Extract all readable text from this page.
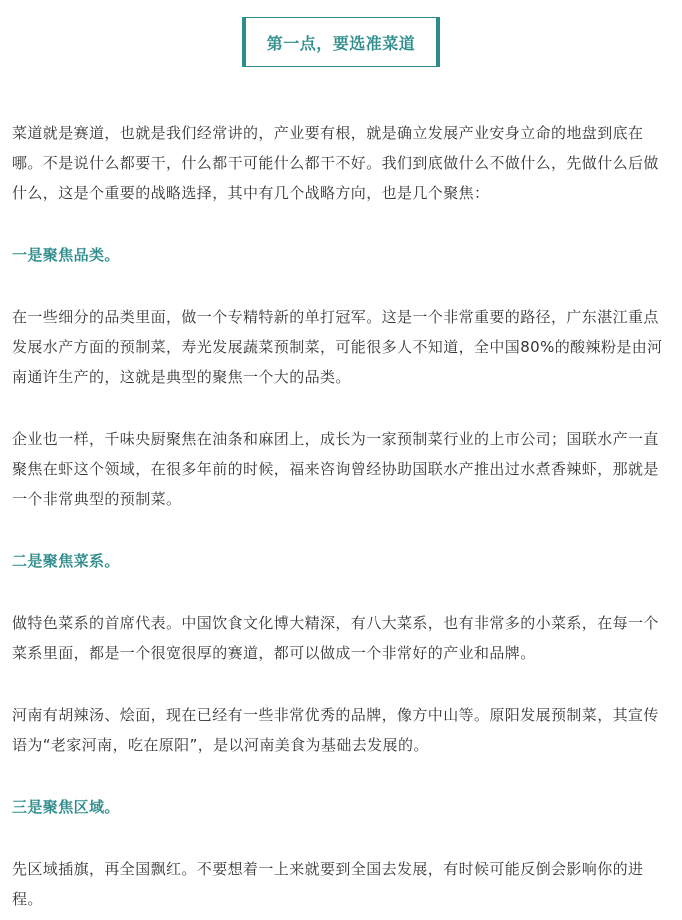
第一点，要选准菜道

菜道就是赛道，也就是我们经常讲的，产业要有根，就是确立发展产业安身立命的地盘到底在哪。不是说什么都要干，什么都干可能什么都干不好。我们到底做什么不做什么，先做什么后做什么，这是个重要的战略选择，其中有几个战略方向，也是几个聚焦：

一是聚焦品类。

在一些细分的品类里面，做一个专精特新的单打冠军。这是一个非常重要的路径，广东湛江重点发展水产方面的预制菜，寿光发展蔬菜预制菜，可能很多人不知道，全中国80%的酸辣粉是由河南通许生产的，这就是典型的聚焦一个大的品类。

企业也一样，千味央厨聚焦在油条和麻团上，成长为一家预制菜行业的上市公司；国联水产一直聚焦在虾这个领域，在很多年前的时候，福来咨询曾经协助国联水产推出过水煮香辣虾，那就是一个非常典型的预制菜。

二是聚焦菜系。

做特色菜系的首席代表。中国饮食文化博大精深，有八大菜系，也有非常多的小菜系，在每一个菜系里面，都是一个很宽很厚的赛道，都可以做成一个非常好的产业和品牌。

河南有胡辣汤、烩面，现在已经有一些非常优秀的品牌，像方中山等。原阳发展预制菜，其宣传语为“老家河南，吃在原阳”，是以河南美食为基础去发展的。

三是聚焦区域。

先区域插旗，再全国飘红。不要想着一上来就要到全国去发展，有时候可能反倒会影响你的进程。
